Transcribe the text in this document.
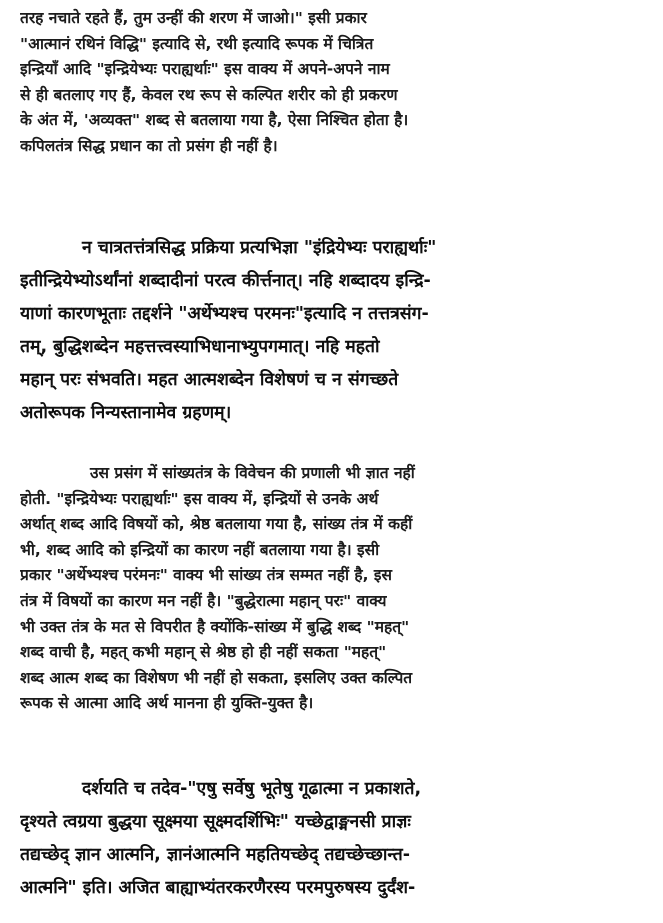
तरह नचाते रहते हैं, तुम उन्हीं की शरण में जाओ।" इसी प्रकार
"आत्मानं रथिनं विद्धि" इत्यादि से, रथी इत्यादि रूपक में चित्रित
इन्द्रियाँ आदि "इन्द्रियेभ्यः पराह्यर्थाः" इस वाक्य में अपने-अपने नाम
से ही बतलाए गए हैं, केवल रथ रूप से कल्पित शरीर को ही प्रकरण
के अंत में, 'अव्यक्त" शब्द से बतलाया गया है, ऐसा निश्चित होता है।
कपिलतंत्र सिद्ध प्रधान का तो प्रसंग ही नहीं है।
न चात्रतत्तंत्रसिद्ध प्रक्रिया प्रत्यभिज्ञा "इंद्रियेभ्यः पराह्यर्थाः"
इतीन्द्रियेभ्योऽर्थांनां शब्दादीनां परत्व कीर्त्तनात्। नहि शब्दादय इन्द्रि-
याणां कारणभूताः तद्दर्शने "अर्थेभ्यश्च परमनः"इत्यादि न तत्तत्रसंग-
तम्, बुद्धिशब्देन महत्तत्त्वस्याभिधानाभ्युपगमात्। नहि महतो
महान् परः संभवति। महत आत्मशब्देन विशेषणं च न संगच्छते
अतोरूपक निन्यस्तानामेव ग्रहणम्।
उस प्रसंग में सांख्यतंत्र के विवेचन की प्रणाली भी ज्ञात नहीं
होती. "इन्द्रियेभ्यः पराह्यर्थाः" इस वाक्य में, इन्द्रियों से उनके अर्थ
अर्थात् शब्द आदि विषयों को, श्रेष्ठ बतलाया गया है, सांख्य तंत्र में कहीं
भी, शब्द आदि को इन्द्रियों का कारण नहीं बतलाया गया है। इसी
प्रकार "अर्थेभ्यश्च परंमनः" वाक्य भी सांख्य तंत्र सम्मत नहीं है, इस
तंत्र में विषयों का कारण मन नहीं है। "बुद्धेरात्मा महान् परः" वाक्य
भी उक्त तंत्र के मत से विपरीत है क्योंकि-सांख्य में बुद्धि शब्द "महत्"
शब्द वाची है, महत् कभी महान् से श्रेष्ठ हो ही नहीं सकता "महत्"
शब्द आत्म शब्द का विशेषण भी नहीं हो सकता, इसलिए उक्त कल्पित
रूपक से आत्मा आदि अर्थ मानना ही युक्ति-युक्त है।
दर्शयति च तदेव-"एषु सर्वेषु भूतेषु गूढात्मा न प्रकाशते,
दृश्यते त्वग्रया बुद्धया सूक्ष्मया सूक्ष्मदर्शिभिः" यच्छेद्वाङ्मनसी प्राज्ञः
तद्यच्छेद् ज्ञान आत्मनि, ज्ञानंआत्मनि महतियच्छेद् तद्यच्छेच्छान्त-
आत्मनि" इति। अजित बाह्याभ्यंतरकरणैरस्य परमपुरुषस्य दुर्दंश-
